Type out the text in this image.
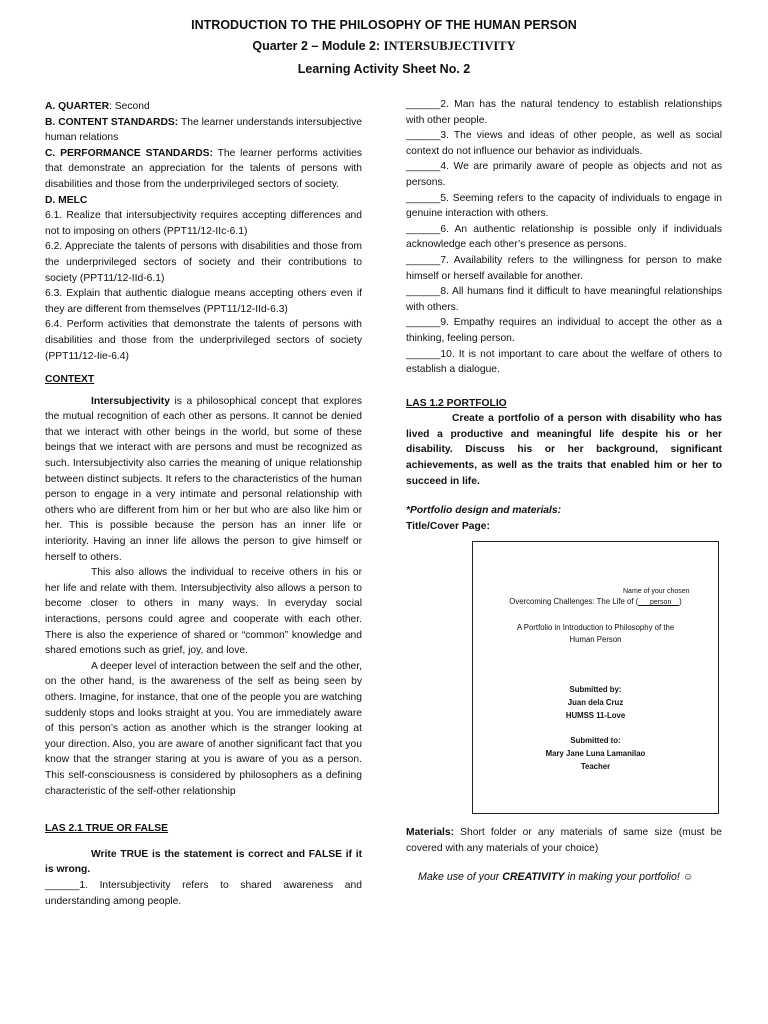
INTRODUCTION TO THE PHILOSOPHY OF THE HUMAN PERSON
Quarter 2 – Module 2: INTERSUBJECTIVITY
Learning Activity Sheet No. 2

A. QUARTER: Second

B. CONTENT STANDARDS: The learner understands intersubjective human relations

C. PERFORMANCE STANDARDS: The learner performs activities that demonstrate an appreciation for the talents of persons with disabilities and those from the underprivileged sectors of society.

D. MELC

6.1. Realize that intersubjectivity requires accepting differences and not to imposing on others (PPT11/12-IIc-6.1)

6.2. Appreciate the talents of persons with disabilities and those from the underprivileged sectors of society and their contributions to society (PPT11/12-IId-6.1)

6.3. Explain that authentic dialogue means accepting others even if they are different from themselves (PPT11/12-IId-6.3)

6.4. Perform activities that demonstrate the talents of persons with disabilities and those from the underprivileged sectors of society (PPT11/12-Iie-6.4)

CONTEXT

Intersubjectivity is a philosophical concept that explores the mutual recognition of each other as persons. It cannot be denied that we interact with other beings in the world, but some of these beings that we interact with are persons and must be recognized as such. Intersubjectivity also carries the meaning of unique relationship between distinct subjects. It refers to the characteristics of the human person to engage in a very intimate and personal relationship with others who are different from him or her but who are also like him or her. This is possible because the person has an inner life or interiority. Having an inner life allows the person to give himself or herself to others.

This also allows the individual to receive others in his or her life and relate with them. Intersubjectivity also allows a person to become closer to others in many ways. In everyday social interactions, persons could agree and cooperate with each other. There is also the experience of shared or “common” knowledge and shared emotions such as grief, joy, and love.

A deeper level of interaction between the self and the other, on the other hand, is the awareness of the self as being seen by others. Imagine, for instance, that one of the people you are watching suddenly stops and looks straight at you. You are immediately aware of this person’s action as another which is the stranger looking at your direction. Also, you are aware of another significant fact that you know that the stranger staring at you is aware of you as a person. This self-consciousness is considered by philosophers as a defining characteristic of the self-other relationship

LAS 2.1 TRUE OR FALSE

Write TRUE is the statement is correct and FALSE if it is wrong.

______1. Intersubjectivity refers to shared awareness and understanding among people.

______2. Man has the natural tendency to establish relationships with other people.

______3. The views and ideas of other people, as well as social context do not influence our behavior as individuals.

______4. We are primarily aware of people as objects and not as persons.

______5. Seeming refers to the capacity of individuals to engage in genuine interaction with others.

______6. An authentic relationship is possible only if individuals acknowledge each other’s presence as persons.

______7. Availability refers to the willingness for person to make himself or herself available for another.

______8. All humans find it difficult to have meaningful relationships with others.

______9. Empathy requires an individual to accept the other as a thinking, feeling person.

______10. It is not important to care about the welfare of others to establish a dialogue.

LAS 1.2 PORTFOLIO

Create a portfolio of a person with disability who has lived a productive and meaningful life despite his or her disability. Discuss his or her background, significant achievements, as well as the traits that enabled him or her to succeed in life.

*Portfolio design and materials:

Title/Cover Page:

Name of your chosen
Overcoming Challenges: The Life of ( person )
A Portfolio in Introduction to Philosophy of the
Human Person
Submitted by:
Juan dela Cruz
HUMSS 11-Love
Submitted to:
Mary Jane Luna Lamanilao
Teacher

Materials: Short folder or any materials of same size (must be covered with any materials of your choice)

Make use of your CREATIVITY in making your portfolio! ☺
